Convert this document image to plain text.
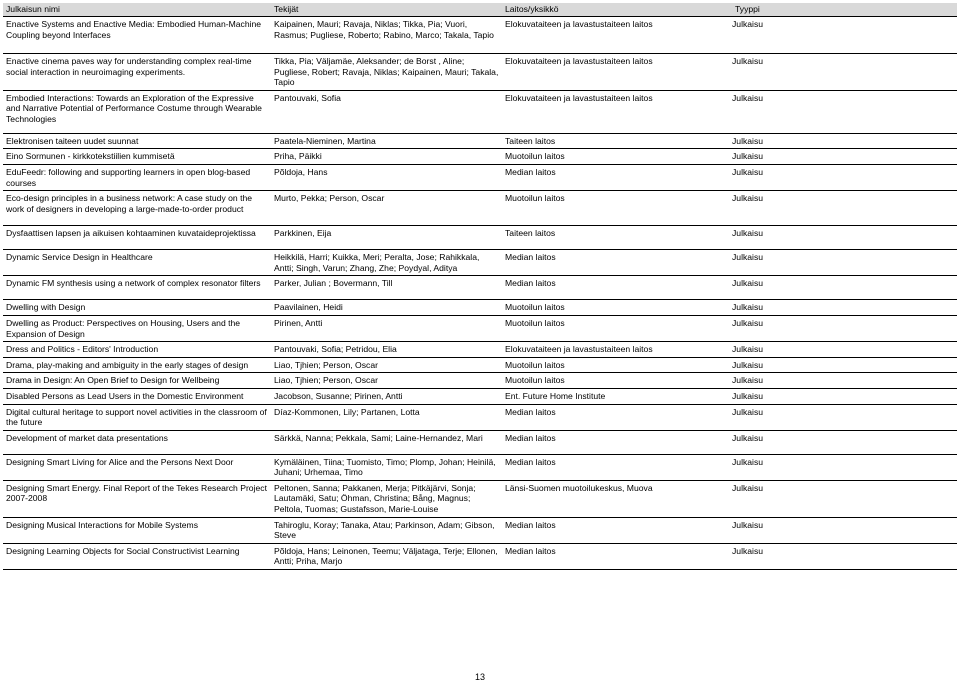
Julkaisun nimi	Tekijät	Laitos/yksikkö	Tyyppi
Enactive Systems and Enactive Media: Embodied Human-Machine Coupling beyond Interfaces	Kaipainen, Mauri; Ravaja, Niklas; Tikka, Pia; Vuori, Rasmus; Pugliese, Roberto; Rabino, Marco; Takala, Tapio	Elokuvataiteen ja lavastustaiteen laitos	Julkaisu
Enactive cinema paves way for understanding complex real-time social interaction in neuroimaging experiments.	Tikka, Pia; Väljamäe, Aleksander; de Borst , Aline; Pugliese, Robert; Ravaja, Niklas; Kaipainen, Mauri; Takala, Tapio	Elokuvataiteen ja lavastustaiteen laitos	Julkaisu
Embodied Interactions: Towards an Exploration of the Expressive and Narrative Potential of Performance Costume through Wearable Technologies	Pantouvaki, Sofia	Elokuvataiteen ja lavastustaiteen laitos	Julkaisu
Elektronisen taiteen uudet suunnat	Paatela-Nieminen, Martina	Taiteen laitos	Julkaisu
Eino Sormunen - kirkkotekstiilien kummisetä	Priha, Päikki	Muotoilun laitos	Julkaisu
EduFeedr: following and supporting learners in open blog-based courses	Põldoja, Hans	Median laitos	Julkaisu
Eco-design principles in a business network: A case study on the work of designers in developing a large-made-to-order product	Murto, Pekka; Person, Oscar	Muotoilun laitos	Julkaisu
Dysfaattisen lapsen ja aikuisen kohtaaminen kuvataideprojektissa	Parkkinen, Eija	Taiteen laitos	Julkaisu
Dynamic Service Design in Healthcare	Heikkilä, Harri; Kuikka, Meri; Peralta, Jose; Rahikkala, Antti; Singh, Varun; Zhang, Zhe; Poydyal, Aditya	Median laitos	Julkaisu
Dynamic FM synthesis using a network of complex resonator filters	Parker, Julian ; Bovermann, Till	Median laitos	Julkaisu
Dwelling with Design	Paavilainen, Heidi	Muotoilun laitos	Julkaisu
Dwelling as Product: Perspectives on Housing, Users and the Expansion of Design	Pirinen, Antti	Muotoilun laitos	Julkaisu
Dress and Politics - Editors' Introduction	Pantouvaki, Sofia; Petridou, Elia	Elokuvataiteen ja lavastustaiteen laitos	Julkaisu
Drama, play-making and ambiguity in the early stages of design	Liao, Tjhien; Person, Oscar	Muotoilun laitos	Julkaisu
Drama in Design: An Open Brief to Design for Wellbeing	Liao, Tjhien; Person, Oscar	Muotoilun laitos	Julkaisu
Disabled Persons as Lead Users in the Domestic Environment	Jacobson, Susanne; Pirinen, Antti	Ent. Future Home Institute	Julkaisu
Digital cultural heritage to support novel activities in the classroom of the future	Díaz-Kommonen, Lily; Partanen, Lotta	Median laitos	Julkaisu
Development of market data presentations	Särkkä, Nanna; Pekkala, Sami; Laine-Hernandez, Mari	Median laitos	Julkaisu
Designing Smart Living for Alice and the Persons Next Door	Kymäläinen, Tiina; Tuomisto, Timo; Plomp, Johan; Heinilä, Juhani; Urhemaa, Timo	Median laitos	Julkaisu
Designing Smart Energy. Final Report of the Tekes Research Project 2007-2008	Peltonen, Sanna; Pakkanen, Merja; Pitkäjärvi, Sonja; Lautamäki, Satu; Öhman, Christina; Bång, Magnus; Peltola, Tuomas; Gustafsson, Marie-Louise	Länsi-Suomen muotoilukeskus, Muova	Julkaisu
Designing Musical Interactions for Mobile Systems	Tahiroglu, Koray; Tanaka, Atau; Parkinson, Adam; Gibson, Steve	Median laitos	Julkaisu
Designing Learning Objects for Social Constructivist Learning	Põldoja, Hans; Leinonen, Teemu; Väljataga, Terje; Ellonen, Antti; Priha, Marjo	Median laitos	Julkaisu
13
